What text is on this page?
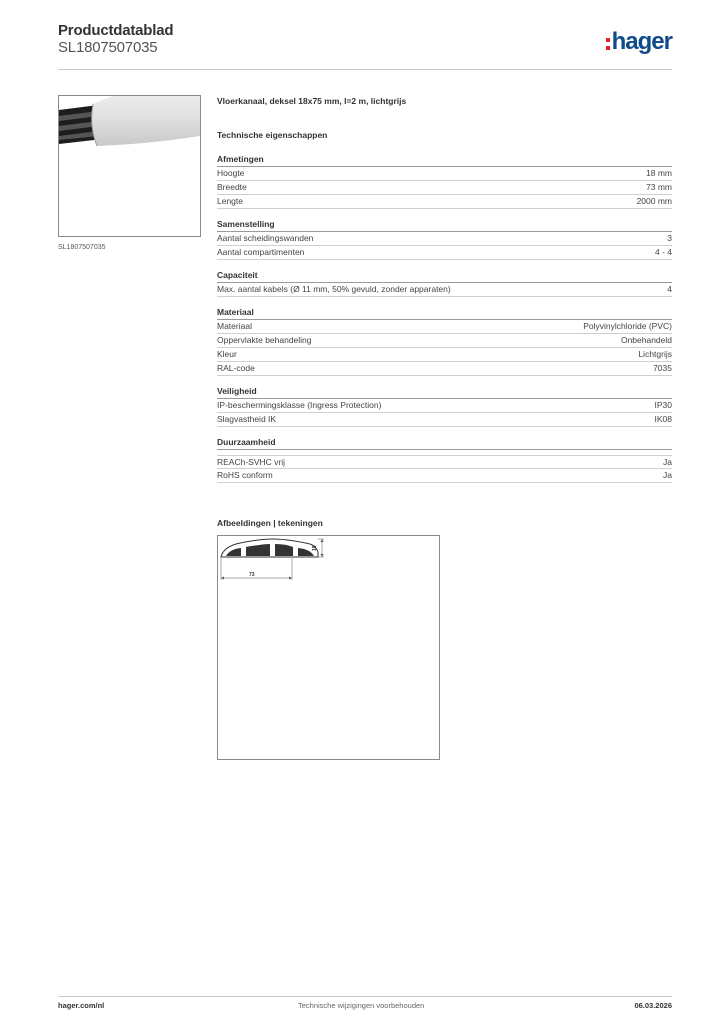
Productdatablad
SL1807507035	hager
SL1807507035
Vloerkanaal, deksel 18x75 mm, l=2 m, lichtgrijs
Technische eigenschappen
Afmetingen
Hoogte	18 mm
Breedte	73 mm
Lengte	2000 mm
Samenstelling
Aantal scheidingswanden	3
Aantal compartimenten	4 - 4
Capaciteit
Max. aantal kabels (Ø 11 mm, 50% gevuld, zonder apparaten)	4
Materiaal
Materiaal	Polyvinylchloride (PVC)
Oppervlakte behandeling	Onbehandeld
Kleur	Lichtgrijs
RAL-code	7035
Veiligheid
IP-beschermingsklasse (Ingress Protection)	IP30
Slagvastheid IK	IK08
Duurzaamheid
REACh-SVHC vrij	Ja
RoHS conform	Ja
Afbeeldingen | tekeningen
18
73
hager.com/nl	Technische wijzigingen voorbehouden	06.03.2026
